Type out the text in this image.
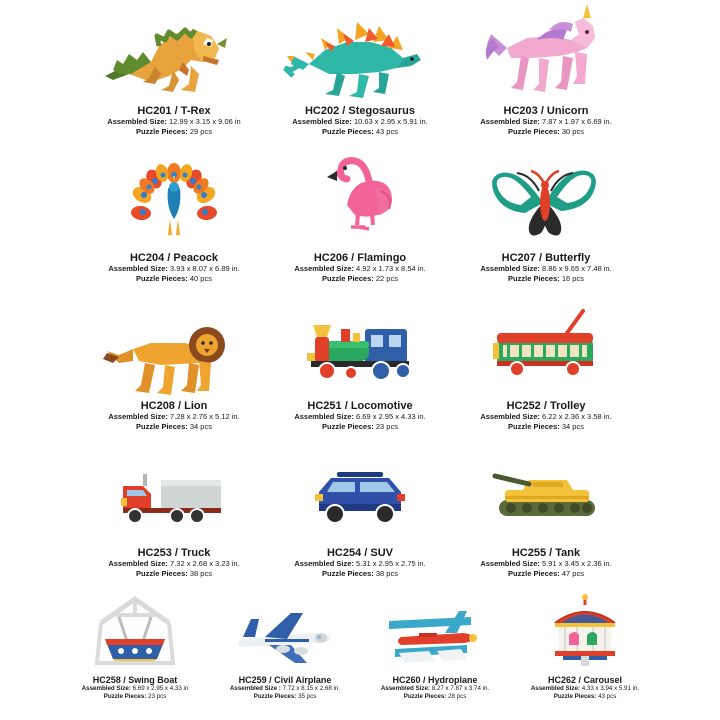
HC201 / T-Rex
Assembled Size: 12.99 x 3.15 x 9.06 in
Puzzle Pieces: 29 pcs
HC202 / Stegosaurus
Assembled Size: 10.63 x 2.95 x 5.91 in.
Puzzle Pieces: 43 pcs
HC203 / Unicorn
Assembled Size: 7.87 x 1.97 x 6.69 in.
Puzzle Pieces: 30 pcs
HC204 / Peacock
Assembled Size: 3.93 x 8.07 x 6.89 in.
Puzzle Pieces: 40 pcs
HC206 / Flamingo
Assembled Size: 4.92 x 1.73 x 8.54 in.
Puzzle Pieces: 22 pcs
HC207 / Butterfly
Assembled Size: 8.86 x 9.65 x 7.48 in.
Puzzle Pieces: 16 pcs
HC208 / Lion
Assembled Size: 7.28 x 2.76 x 5.12 in.
Puzzle Pieces: 34 pcs
HC251 / Locomotive
Assembled Size: 6.69 x 2.95 x 4.33 in.
Puzzle Pieces: 23 pcs
HC252 / Trolley
Assembled Size: 6.22 x 2.36 x 3.58 in.
Puzzle Pieces: 34 pcs
HC253 / Truck
Assembled Size: 7.32 x 2.68 x 3.23 in.
Puzzle Pieces: 38 pcs
HC254 / SUV
Assembled Size: 5.31 x 2.95 x 2.75 in.
Puzzle Pieces: 38 pcs
HC255 / Tank
Assembled Size: 5.91 x 3.45 x 2.36 in.
Puzzle Pieces: 47 pcs
HC258 / Swing Boat
Assembled Size: 6.69 x 2.95 x 4.33 in
Puzzle Pieces: 23 pcs
HC259 / Civil Airplane
Assembled Size : 7.72 x 8.15 x 2.68 in.
Puzzle Pieces: 35 pcs
HC260 / Hydroplane
Assembled Size: 8.27 x 7.87 x 3.74 in.
Puzzle Pieces: 28 pcs
HC262 / Carousel
Assembled Size: 4.33 x 3.94 x 5.91 in.
Puzzle Pieces: 43 pcs
